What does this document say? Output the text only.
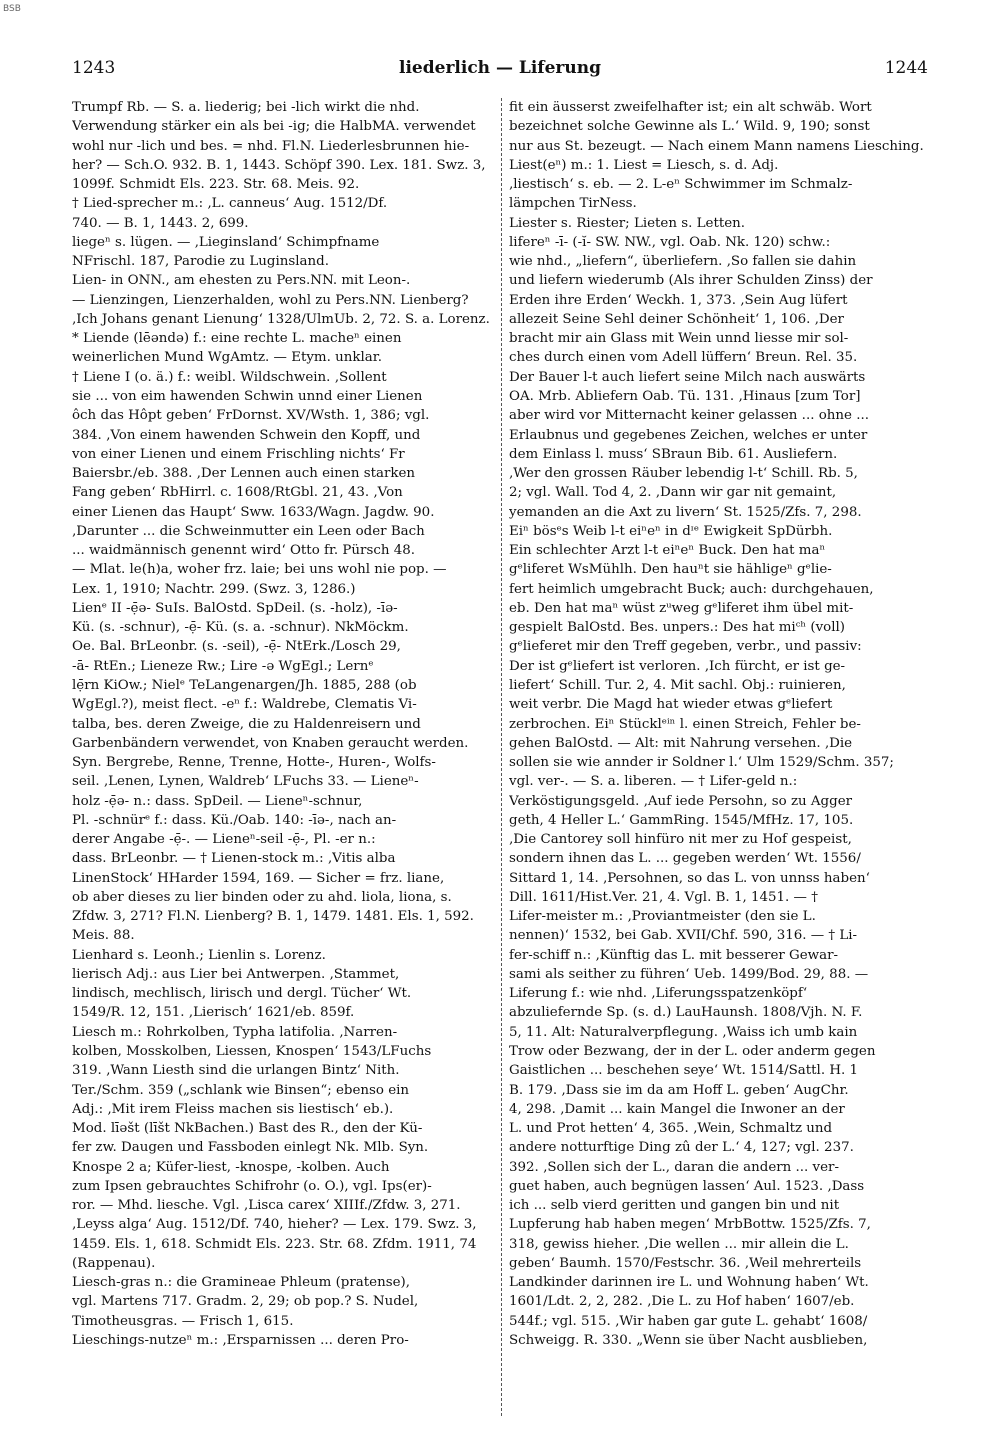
BSB
1243	liederlich — Liferung	1244
Trumpf Rb. — S. a. liederig; bei -lich wirkt die nhd.
Verwendung stärker ein als bei -ig; die HalbMA. verwendet
wohl nur -lich und bes. = nhd. Fl.N. Liederlesbrunnen hie-
her? — Sch.O. 932. B. 1, 1443. Schöpf 390. Lex. 181. Swz. 3,
1099f. Schmidt Els. 223. Str. 68. Meis. 92.
† Lied-sprecher m.: ‚L. canneus‘ Aug. 1512/Df.
740. — B. 1, 1443. 2, 699.
liegeⁿ s. lügen. — ‚Lieginsland‘ Schimpfname
NFrischl. 187, Parodie zu Luginsland.
Lien- in ONN., am ehesten zu Pers.NN. mit Leon-.
— Lienzingen, Lienzerhalden, wohl zu Pers.NN. Lienberg?
‚Ich Johans genant Lienung‘ 1328/UlmUb. 2, 72. S. a. Lorenz.
* Liende (lēəndə) f.: eine rechte L. macheⁿ einen
weinerlichen Mund WgAmtz. — Etym. unklar.
† Liene I (o. ä.) f.: weibl. Wildschwein. ‚Sollent
sie ... von eim hawenden Schwin unnd einer Lienen
ôch das Hôpt geben‘ FrDornst. XV/Wsth. 1, 386; vgl.
384. ‚Von einem hawenden Schwein den Kopff, und
von einer Lienen und einem Frischling nichts‘ Fr
Baiersbr./eb. 388. ‚Der Lennen auch einen starken
Fang geben‘ RbHirrl. c. 1608/RtGbl. 21, 43. ‚Von
einer Lienen das Haupt‘ Sww. 1633/Wagn. Jagdw. 90.
‚Darunter ... die Schweinmutter ein Leen oder Bach
... waidmännisch genennt wird‘ Otto fr. Pürsch 48.
— Mlat. le(h)a, woher frz. laie; bei uns wohl nie pop. —
Lex. 1, 1910; Nachtr. 299. (Swz. 3, 1286.)
Lienᵉ II -ẹ̄ə- SuIs. BalOstd. SpDeil. (s. -holz), -īə-
Kü. (s. -schnur), -ẹ̄- Kü. (s. a. -schnur). NkMöckm.
Oe. Bal. BrLeonbr. (s. -seil), -ẹ̄- NtErk./Losch 29,
-ā- RtEn.; Lieneze Rw.; Lire -ə WgEgl.; Lernᵉ
lẹ̄rn KiOw.; Nielᵉ TeLangenargen/Jh. 1885, 288 (ob
WgEgl.?), meist flect. -eⁿ f.: Waldrebe, Clematis Vi-
talba, bes. deren Zweige, die zu Haldenreisern und
Garbenbändern verwendet, von Knaben geraucht werden.
Syn. Bergrebe, Renne, Trenne, Hotte-, Huren-, Wolfs-
seil. ‚Lenen, Lynen, Waldreb‘ LFuchs 33. — Lieneⁿ-
holz -ẹ̄ə- n.: dass. SpDeil. — Lieneⁿ-schnur,
Pl. -schnürᵉ f.: dass. Kü./Oab. 140: -īə-, nach an-
derer Angabe -ẹ̄-. — Lieneⁿ-seil -ẹ̄-, Pl. -er n.:
dass. BrLeonbr. — † Lienen-stock m.: ‚Vitis alba
LinenStock‘ HHarder 1594, 169. — Sicher = frz. liane,
ob aber dieses zu lier binden oder zu ahd. liola, liona, s.
Zfdw. 3, 271? Fl.N. Lienberg? B. 1, 1479. 1481. Els. 1, 592.
Meis. 88.
Lienhard s. Leonh.; Lienlin s. Lorenz.
lierisch Adj.: aus Lier bei Antwerpen. ‚Stammet,
lindisch, mechlisch, lirisch und dergl. Tücher‘ Wt.
1549/R. 12, 151. ‚Lierisch‘ 1621/eb. 859f.
Liesch m.: Rohrkolben, Typha latifolia. ‚Narren-
kolben, Mosskolben, Liessen, Knospen‘ 1543/LFuchs
319. ‚Wann Liesth sind die urlangen Bintz‘ Nith.
Ter./Schm. 359 („schlank wie Binsen“; ebenso ein
Adj.: ‚Mit irem Fleiss machen sis liestisch‘ eb.).
Mod. līəšt (līšt NkBachen.) Bast des R., den der Kü-
fer zw. Daugen und Fassboden einlegt Nk. Mlb. Syn.
Knospe 2 a; Küfer-liest, -knospe, -kolben. Auch
zum Ipsen gebrauchtes Schifrohr (o. O.), vgl. Ips(er)-
ror. — Mhd. liesche. Vgl. ‚Lisca carex‘ XIIIf./Zfdw. 3, 271.
‚Leyss alga‘ Aug. 1512/Df. 740, hieher? — Lex. 179. Swz. 3,
1459. Els. 1, 618. Schmidt Els. 223. Str. 68. Zfdm. 1911, 74
(Rappenau).
Liesch-gras n.: die Gramineae Phleum (pratense),
vgl. Martens 717. Gradm. 2, 29; ob pop.? S. Nudel,
Timotheusgras. — Frisch 1, 615.
Lieschings-nutzeⁿ m.: ‚Ersparnissen ... deren Pro-
fit ein äusserst zweifelhafter ist; ein alt schwäb. Wort
bezeichnet solche Gewinne als L.‘ Wild. 9, 190; sonst
nur aus St. bezeugt. — Nach einem Mann namens Liesching.
Liest(eⁿ) m.: 1. Liest = Liesch, s. d. Adj.
‚liestisch‘ s. eb. — 2. L-eⁿ Schwimmer im Schmalz-
lämpchen TirNess.
Liester s. Riester; Lieten s. Letten.
lifereⁿ -ī- (-ĭ- SW. NW., vgl. Oab. Nk. 120) schw.:
wie nhd., „liefern“, überliefern. ‚So fallen sie dahin
und liefern wiederumb (Als ihrer Schulden Zinss) der
Erden ihre Erden‘ Weckh. 1, 373. ‚Sein Aug lüfert
allezeit Seine Sehl deiner Schönheit‘ 1, 106. ‚Der
bracht mir ain Glass mit Wein unnd liesse mir sol-
ches durch einen vom Adell lüffern‘ Breun. Rel. 35.
Der Bauer l-t auch liefert seine Milch nach auswärts
OA. Mrb. Abliefern Oab. Tü. 131. ‚Hinaus [zum Tor]
aber wird vor Mitternacht keiner gelassen ... ohne ...
Erlaubnus und gegebenes Zeichen, welches er unter
dem Einlass l. muss‘ SBraun Bib. 61. Ausliefern.
‚Wer den grossen Räuber lebendig l-t‘ Schill. Rb. 5,
2; vgl. Wall. Tod 4, 2. ‚Dann wir gar nit gemaint,
yemanden an die Axt zu livern‘ St. 1525/Zfs. 7, 298.
Eiⁿ bösᵉs Weib l-t eiⁿeⁿ in dᶦᵉ Ewigkeit SpDürbh.
Ein schlechter Arzt l-t eiⁿeⁿ Buck. Den hat maⁿ
gᵉliferet WsMühlh. Den hauⁿt sie hähligeⁿ gᵉlie-
fert heimlich umgebracht Buck; auch: durchgehauen,
eb. Den hat maⁿ wüst zᵘweg gᵉliferet ihm übel mit-
gespielt BalOstd. Bes. unpers.: Des hat miᶜʰ (voll)
gᵉlieferet mir den Treff gegeben, verbr., und passiv:
Der ist gᵉliefert ist verloren. ‚Ich fürcht, er ist ge-
liefert‘ Schill. Tur. 2, 4. Mit sachl. Obj.: ruinieren,
weit verbr. Die Magd hat wieder etwas gᵉliefert
zerbrochen. Eiⁿ Stücklᵉⁱⁿ l. einen Streich, Fehler be-
gehen BalOstd. — Alt: mit Nahrung versehen. ‚Die
sollen sie wie annder ir Soldner l.‘ Ulm 1529/Schm. 357;
vgl. ver-. — S. a. liberen. — † Lifer-geld n.:
Verköstigungsgeld. ‚Auf iede Persohn, so zu Agger
geth, 4 Heller L.‘ GammRing. 1545/MfHz. 17, 105.
‚Die Cantorey soll hinfüro nit mer zu Hof gespeist,
sondern ihnen das L. ... gegeben werden‘ Wt. 1556/
Sittard 1, 14. ‚Persohnen, so das L. von unnss haben‘
Dill. 1611/Hist.Ver. 21, 4. Vgl. B. 1, 1451. — †
Lifer-meister m.: ‚Proviantmeister (den sie L.
nennen)‘ 1532, bei Gab. XVII/Chf. 590, 316. — † Li-
fer-schiff n.: ‚Künftig das L. mit besserer Gewar-
sami als seither zu führen‘ Ueb. 1499/Bod. 29, 88. —
Liferung f.: wie nhd. ‚Liferungsspatzenköpf‘
abzuliefernde Sp. (s. d.) LauHaunsh. 1808/Vjh. N. F.
5, 11. Alt: Naturalverpflegung. ‚Waiss ich umb kain
Trow oder Bezwang, der in der L. oder anderm gegen
Gaistlichen ... beschehen seye‘ Wt. 1514/Sattl. H. 1
B. 179. ‚Dass sie im da am Hoff L. geben‘ AugChr.
4, 298. ‚Damit ... kain Mangel die Inwoner an der
L. und Prot hetten‘ 4, 365. ‚Wein, Schmaltz und
andere notturftige Ding zû der L.‘ 4, 127; vgl. 237.
392. ‚Sollen sich der L., daran die andern ... ver-
guet haben, auch begnügen lassen‘ Aul. 1523. ‚Dass
ich ... selb vierd geritten und gangen bin und nit
Lupferung hab haben megen‘ MrbBottw. 1525/Zfs. 7,
318, gewiss hieher. ‚Die wellen ... mir allein die L.
geben‘ Baumh. 1570/Festschr. 36. ‚Weil mehrerteils
Landkinder darinnen ire L. und Wohnung haben‘ Wt.
1601/Ldt. 2, 2, 282. ‚Die L. zu Hof haben‘ 1607/eb.
544f.; vgl. 515. ‚Wir haben gar gute L. gehabt‘ 1608/
Schweigg. R. 330. „Wenn sie über Nacht ausblieben,
